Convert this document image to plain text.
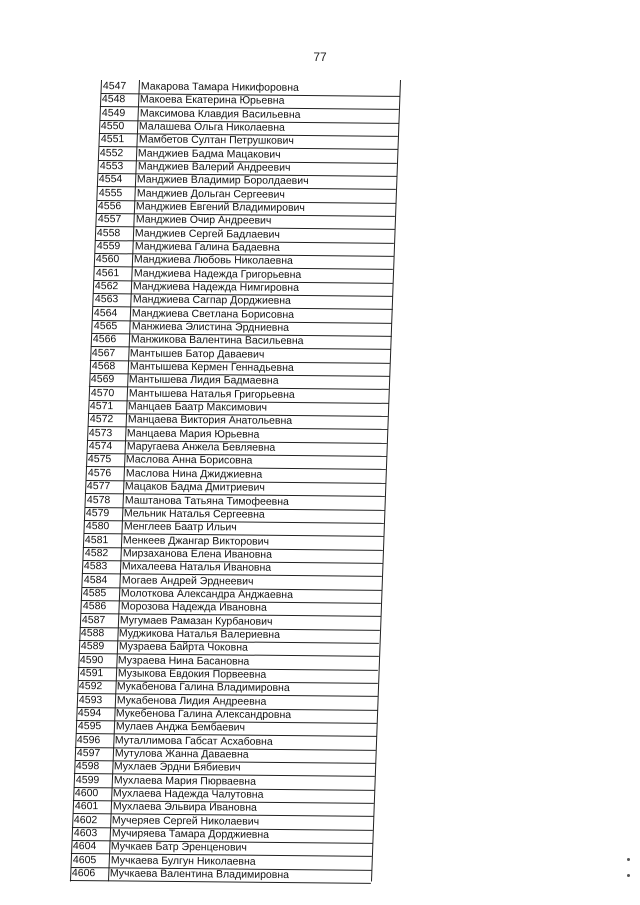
77
4547 Макарова Тамара Никифоровна
4548 Макоева Екатерина Юрьевна
4549 Максимова Клавдия Васильевна
4550 Малашева Ольга Николаевна
4551 Мамбетов Султан Петрушкович
4552 Манджиев Бадма Мацакович
4553 Манджиев Валерий Андреевич
4554 Манджиев Владимир Боролдаевич
4555 Манджиев Дольган Сергеевич
4556 Манджиев Евгений Владимирович
4557 Манджиев Очир Андреевич
4558 Манджиев Сергей Бадлаевич
4559 Манджиева Галина Бадаевна
4560 Манджиева Любовь Николаевна
4561 Манджиева Надежда Григорьевна
4562 Манджиева Надежда Нимгировна
4563 Манджиева Сагпар Дорджиевна
4564 Манджиева Светлана Борисовна
4565 Манжиева Элистина Эрдниевна
4566 Манжикова Валентина Васильевна
4567 Мантышев Батор Даваевич
4568 Мантышева Кермен Геннадьевна
4569 Мантышева Лидия Бадмаевна
4570 Мантышева Наталья Григорьевна
4571 Манцаев Баатр Максимович
4572 Манцаева Виктория Анатольевна
4573 Манцаева Мария Юрьевна
4574 Маругаева Анжела Бевляевна
4575 Маслова Анна Борисовна
4576 Маслова Нина Джиджиевна
4577 Мацаков Бадма Дмитриевич
4578 Маштанова Татьяна Тимофеевна
4579 Мельник Наталья Сергеевна
4580 Менглеев Баатр Ильич
4581 Менкеев Джангар Викторович
4582 Мирзаханова Елена Ивановна
4583 Михалеева Наталья Ивановна
4584 Могаев Андрей Эрднеевич
4585 Молоткова Александра Анджаевна
4586 Морозова Надежда Ивановна
4587 Мугумаев Рамазан Курбанович
4588 Муджикова Наталья Валериевна
4589 Музраева Байрта Чоковна
4590 Музраева Нина Басановна
4591 Музыкова Евдокия Порвеевна
4592 Мукабенова Галина Владимировна
4593 Мукабенова Лидия Андреевна
4594 Мукебенова Галина Александровна
4595 Мулаев Анджа Бембаевич
4596 Муталлимова Габсат Асхабовна
4597 Мутулова Жанна Даваевна
4598 Мухлаев Эрдни Бябиевич
4599 Мухлаева Мария Пюрваевна
4600 Мухлаева Надежда Чалутовна
4601 Мухлаева Эльвира Ивановна
4602 Мучеряев Сергей Николаевич
4603 Мучиряева Тамара Дорджиевна
4604 Мучкаев Батр Эренценович
4605 Мучкаева Булгун Николаевна
4606 Мучкаева Валентина Владимировна
